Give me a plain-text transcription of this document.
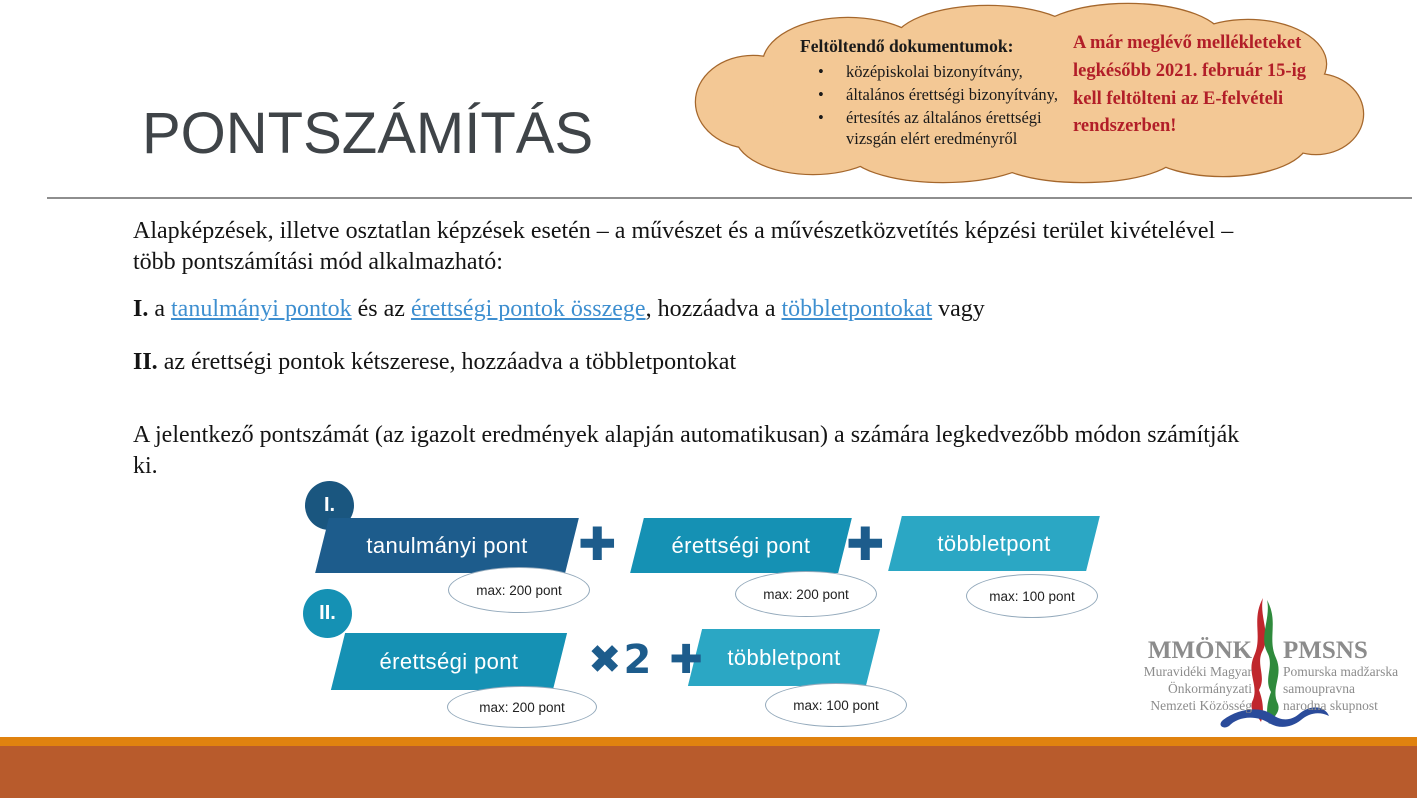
PONTSZÁMÍTÁS
Feltöltendő dokumentumok:
•	középiskolai bizonyítvány,
•	általános érettségi bizonyítvány,
•	értesítés az általános érettségi vizsgán elért eredményről
A már meglévő mellékleteket legkésőbb 2021. február 15-ig kell feltölteni az E-felvételi rendszerben!

Alapképzések, illetve osztatlan képzések esetén – a művészet és a művészetközvetítés képzési terület kivételével – több pontszámítási mód alkalmazható:

I. a tanulmányi pontok és az érettségi pontok összege, hozzáadva a többletpontokat vagy

II. az érettségi pontok kétszerese, hozzáadva a többletpontokat

A jelentkező pontszámát (az igazolt eredmények alapján automatikusan) a számára legkedvezőbb módon számítják ki.

I.
tanulmányi pont	✚	érettségi pont ✚	többletpont
max: 200 pont	max: 200 pont	max: 100 pont
II.
érettségi pont	✖2 ✚	többletpont
max: 200 pont	max: 100 pont
MMÖNK
Muravidéki Magyar
Önkormányzati
Nemzeti Közösség
PMSNS
Pomurska madžarska
samoupravna
narodna skupnost
